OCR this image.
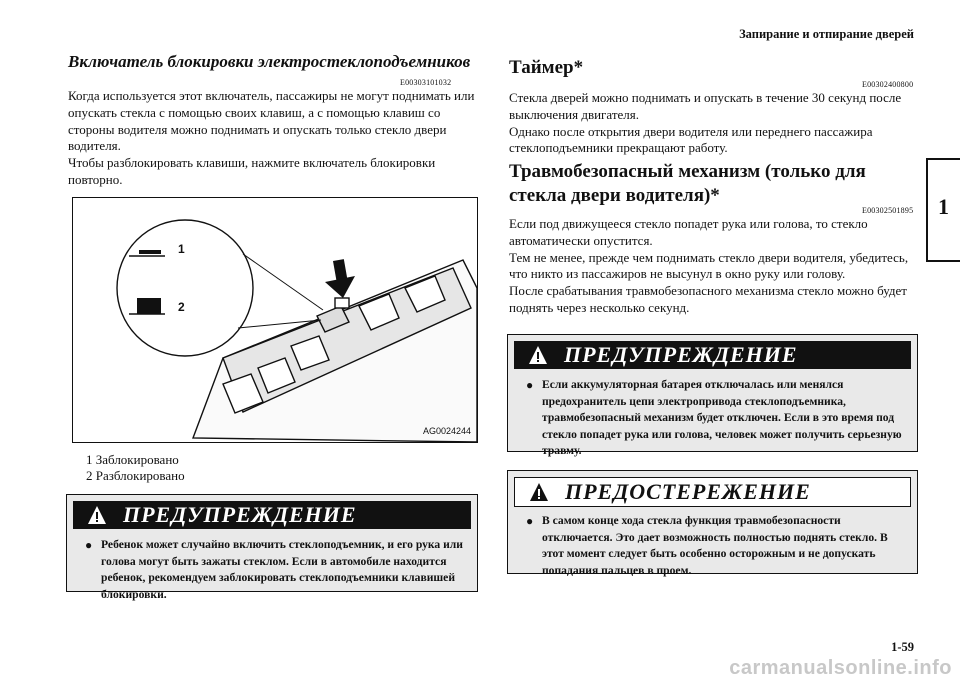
Запирание и отпирание дверей
1
1-59
carmanualsonline.info
Включатель блокировки электростеклоподъемников
E00303101032
Когда используется этот включатель, пассажиры не могут поднимать или опускать стекла с помощью своих клавиш, а с помощью клавиш со стороны водителя можно поднимать и опускать только стекло двери водителя.
Чтобы разблокировать клавиши, нажмите включатель блокировки повторно.
1
2
AG0024244
1 Заблокировано
2 Разблокировано
ПРЕДУПРЕЖДЕНИЕ
● Ребенок может случайно включить стеклоподъемник, и его рука или голова могут быть зажаты стеклом. Если в автомобиле находится ребенок, рекомендуем заблокировать стеклоподъемники клавишей блокировки.
Таймер*
E00302400800
Стекла дверей можно поднимать и опускать в течение 30 секунд после выключения двигателя.
Однако после открытия двери водителя или переднего пассажира стеклоподъемники прекращают работу.
Травмобезопасный механизм (только для стекла двери водителя)*
E00302501895
Если под движущееся стекло попадет рука или голова, то стекло автоматически опустится.
Тем не менее, прежде чем поднимать стекло двери водителя, убедитесь, что никто из пассажиров не высунул в окно руку или голову.
После срабатывания травмобезопасного механизма стекло можно будет поднять через несколько секунд.
ПРЕДУПРЕЖДЕНИЕ
● Если аккумуляторная батарея отключалась или менялся предохранитель цепи электропривода стеклоподъемника, травмобезопасный механизм будет отключен. Если в это время под стекло попадет рука или голова, человек может получить серьезную травму.
ПРЕДОСТЕРЕЖЕНИЕ
● В самом конце хода стекла функция травмобезопасности отключается. Это дает возможность полностью поднять стекло. В этот момент следует быть особенно осторожным и не допускать попадания пальцев в проем.
